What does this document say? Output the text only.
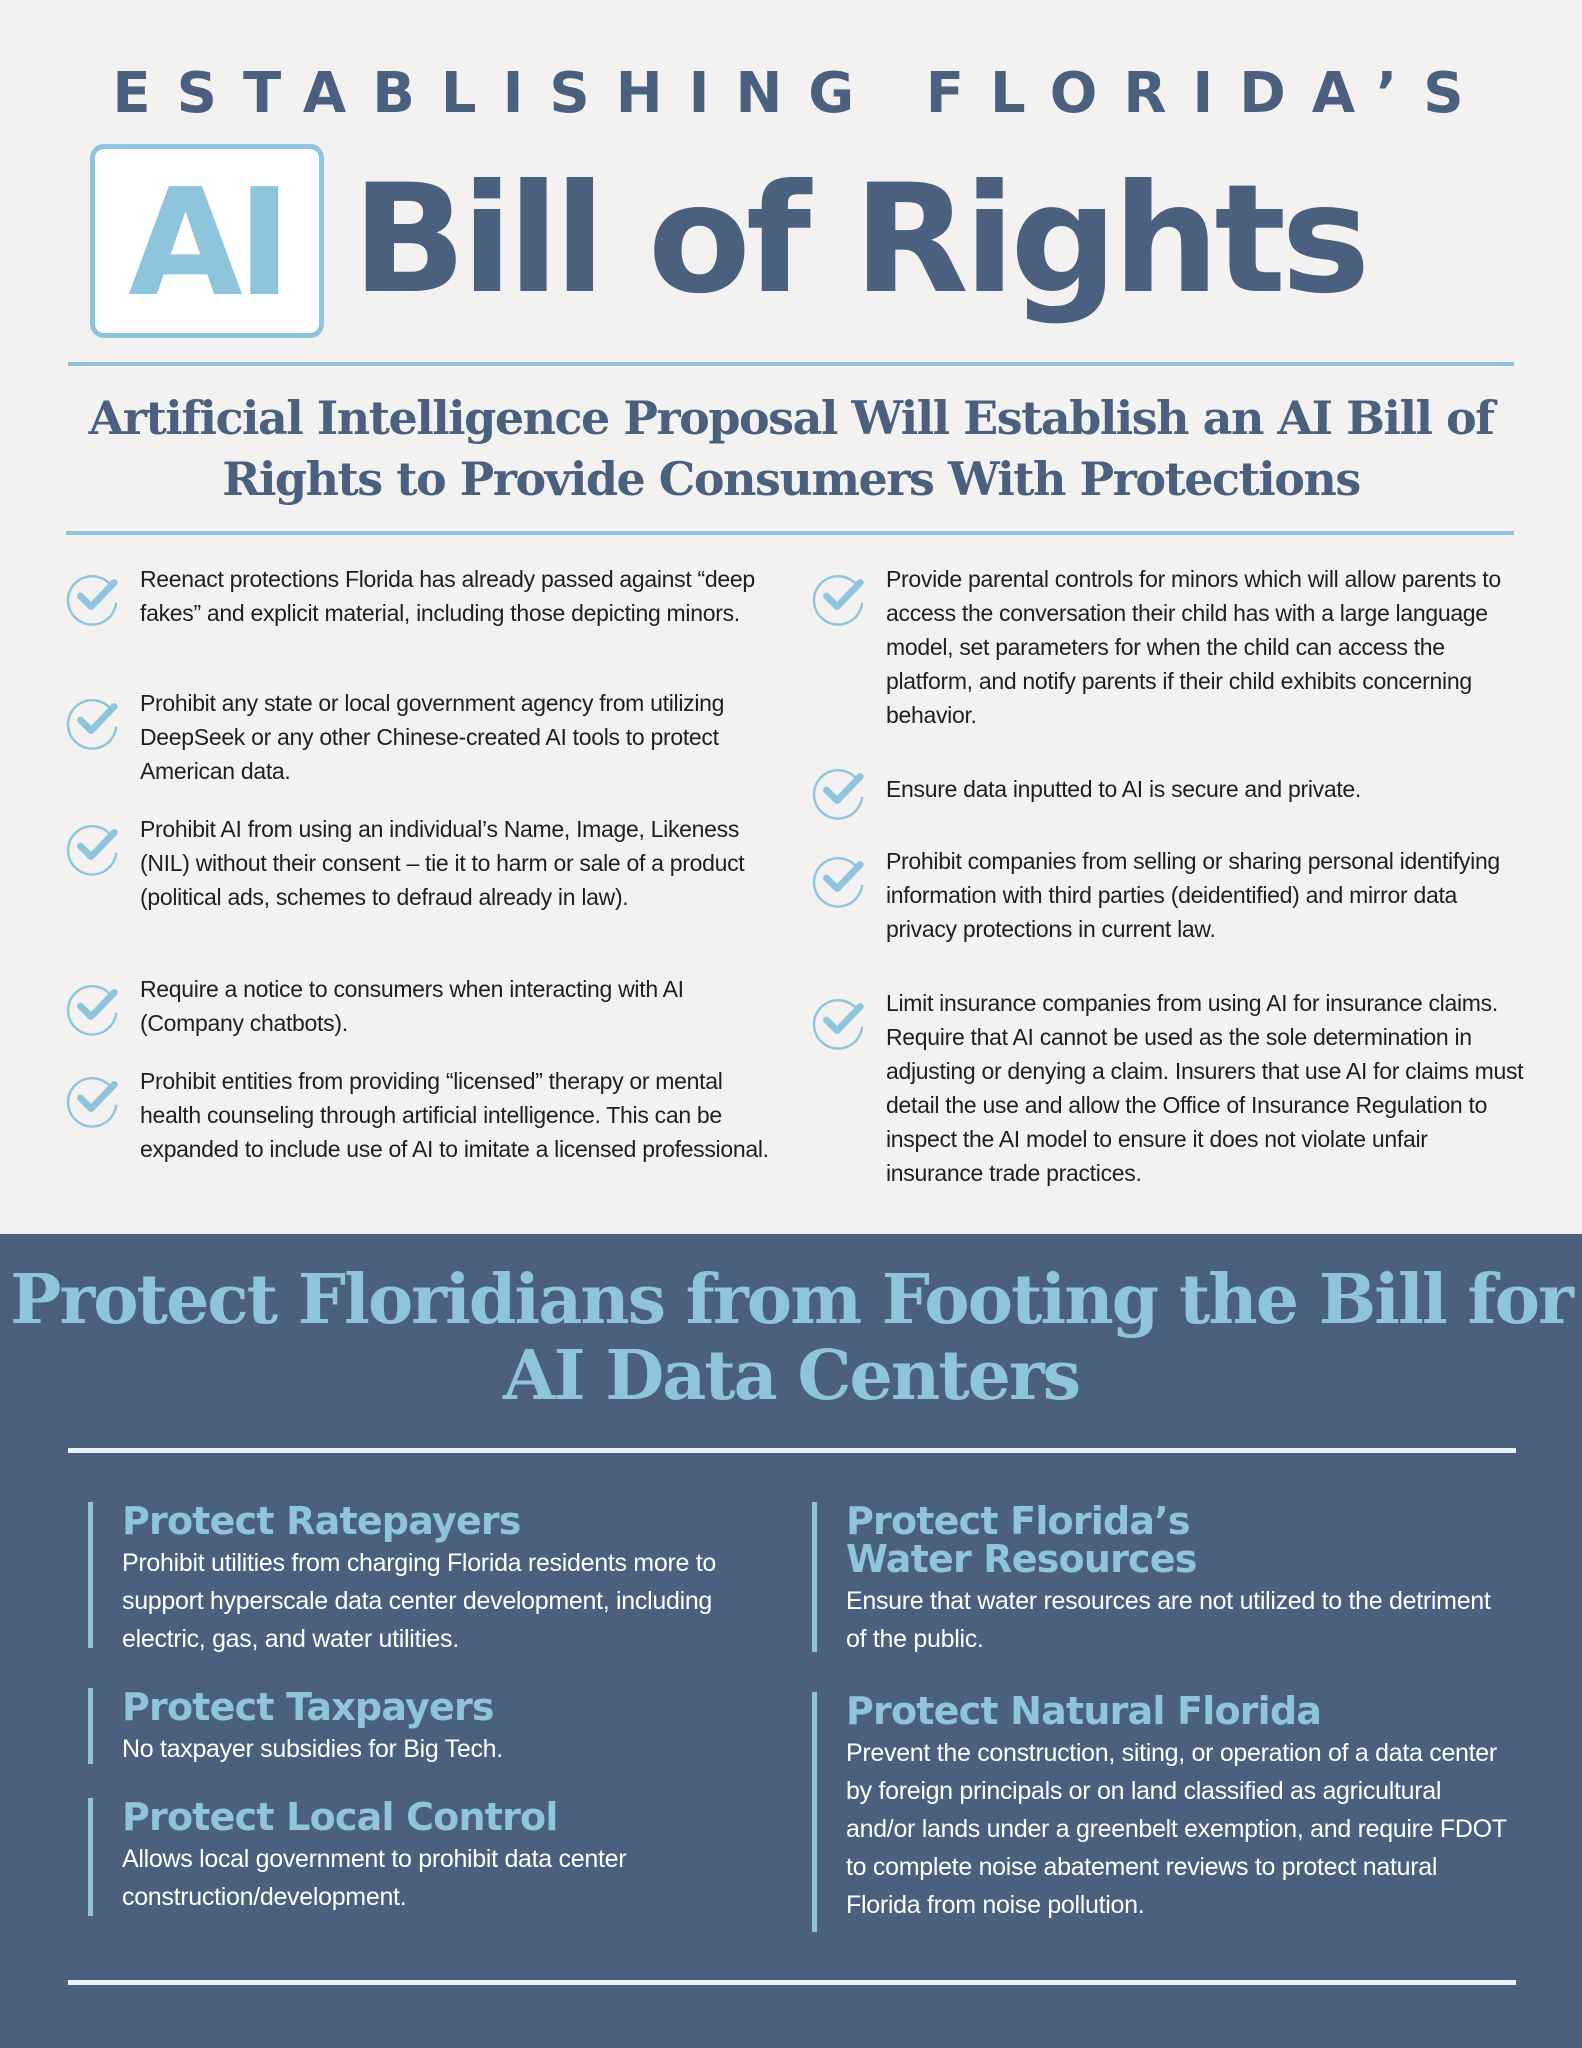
ESTABLISHING FLORIDA’S
AI Bill of Rights
Artificial Intelligence Proposal Will Establish an AI Bill of Rights to Provide Consumers With Protections
Reenact protections Florida has already passed against “deep fakes” and explicit material, including those depicting minors.
Prohibit any state or local government agency from utilizing DeepSeek or any other Chinese-created AI tools to protect American data.
Prohibit AI from using an individual’s Name, Image, Likeness (NIL) without their consent – tie it to harm or sale of a product (political ads, schemes to defraud already in law).
Require a notice to consumers when interacting with AI (Company chatbots).
Prohibit entities from providing “licensed” therapy or mental health counseling through artificial intelligence. This can be expanded to include use of AI to imitate a licensed professional.
Provide parental controls for minors which will allow parents to access the conversation their child has with a large language model, set parameters for when the child can access the platform, and notify parents if their child exhibits concerning behavior.
Ensure data inputted to AI is secure and private.
Prohibit companies from selling or sharing personal identifying information with third parties (deidentified) and mirror data privacy protections in current law.
Limit insurance companies from using AI for insurance claims. Require that AI cannot be used as the sole determination in adjusting or denying a claim. Insurers that use AI for claims must detail the use and allow the Office of Insurance Regulation to inspect the AI model to ensure it does not violate unfair insurance trade practices.
Protect Floridians from Footing the Bill for AI Data Centers
Protect Ratepayers

Prohibit utilities from charging Florida residents more to support hyperscale data center development, including electric, gas, and water utilities.

Protect Taxpayers

No taxpayer subsidies for Big Tech.

Protect Local Control

Allows local government to prohibit data center construction/development.

Protect Florida’s Water Resources

Ensure that water resources are not utilized to the detriment of the public.

Protect Natural Florida

Prevent the construction, siting, or operation of a data center by foreign principals or on land classified as agricultural and/or lands under a greenbelt exemption, and require FDOT to complete noise abatement reviews to protect natural Florida from noise pollution.
